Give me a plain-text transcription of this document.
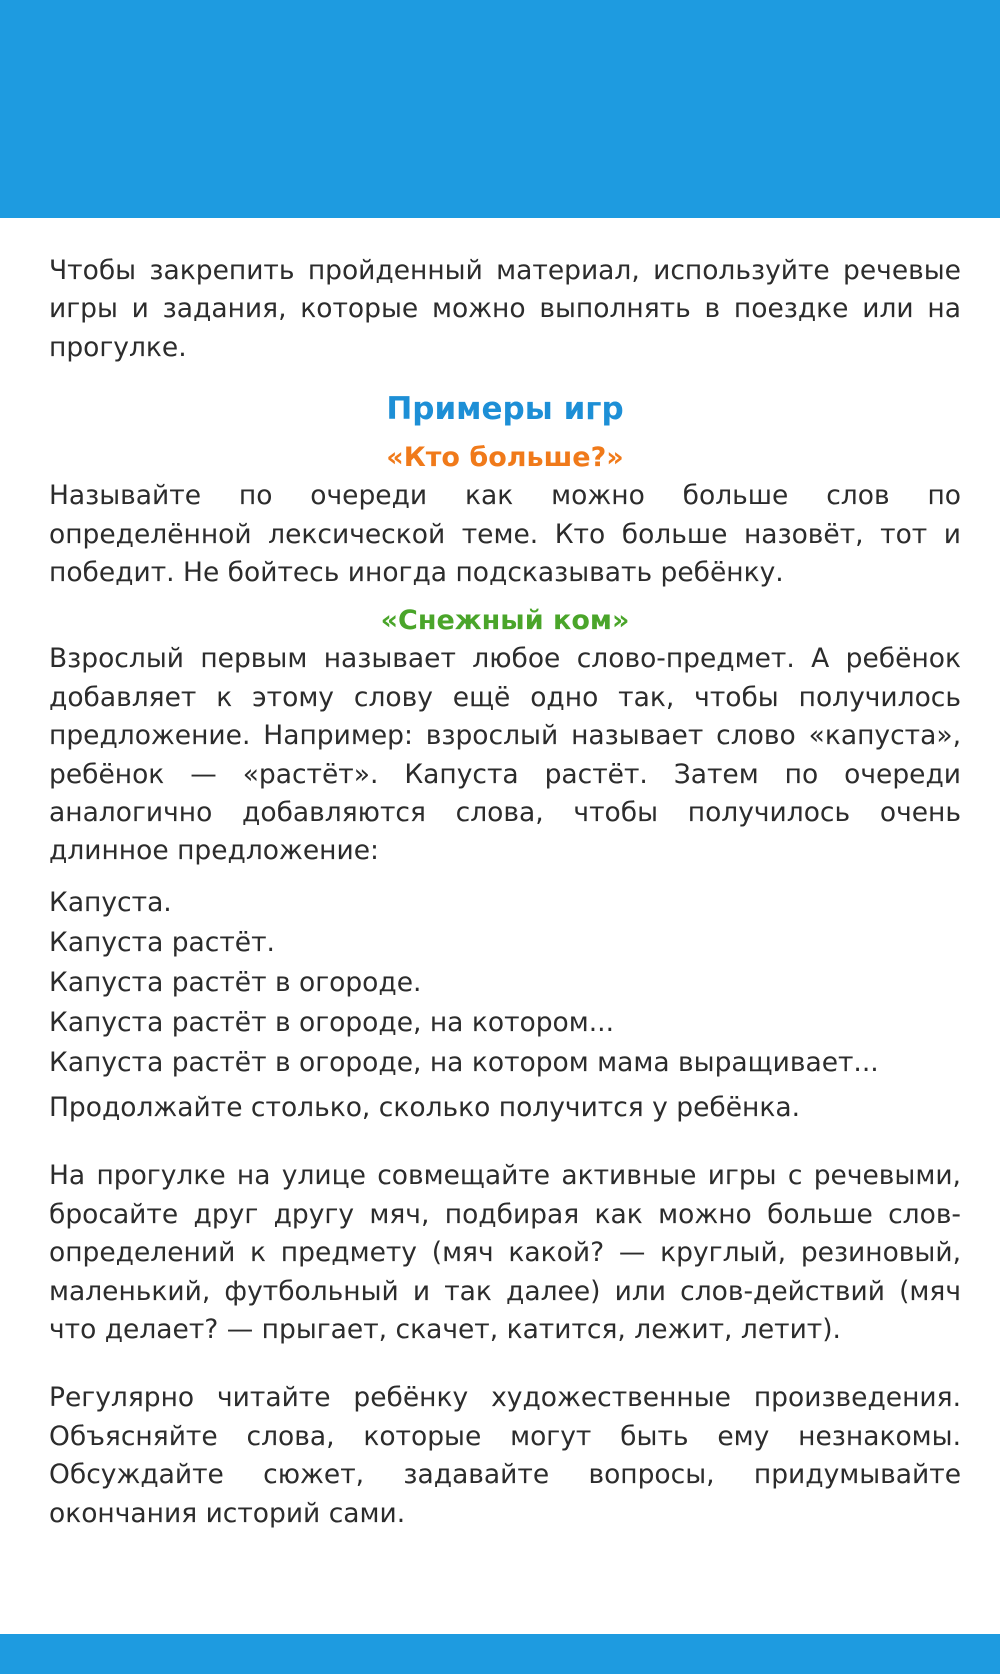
Чтобы закрепить пройденный материал, используйте речевые игры и задания, которые можно выполнять в поездке или на прогулке.

Примеры игр
«Кто больше?»

Называйте по очереди как можно больше слов по определённой лексической теме. Кто больше назовёт, тот и победит. Не бойтесь иногда подсказывать ребёнку.

«Снежный ком»

Взрослый первым называет любое слово-предмет. А ребёнок добавляет к этому слову ещё одно так, чтобы получилось предложение. Например: взрослый называет слово «капуста», ребёнок — «растёт». Капуста растёт. Затем по очереди аналогично добавляются слова, чтобы получилось очень длинное предложение:

Капуста.
Капуста растёт.
Капуста растёт в огороде.
Капуста растёт в огороде, на котором...
Капуста растёт в огороде, на котором мама выращивает...

Продолжайте столько, сколько получится у ребёнка.

На прогулке на улице совмещайте активные игры с речевыми, бросайте друг другу мяч, подбирая как можно больше слов-определений к предмету (мяч какой? — круглый, резиновый, маленький, футбольный и так далее) или слов-действий (мяч что делает? — прыгает, скачет, катится, лежит, летит).

Регулярно читайте ребёнку художественные произведения. Объясняйте слова, которые могут быть ему незнакомы. Обсуждайте сюжет, задавайте вопросы, придумывайте окончания историй сами.
